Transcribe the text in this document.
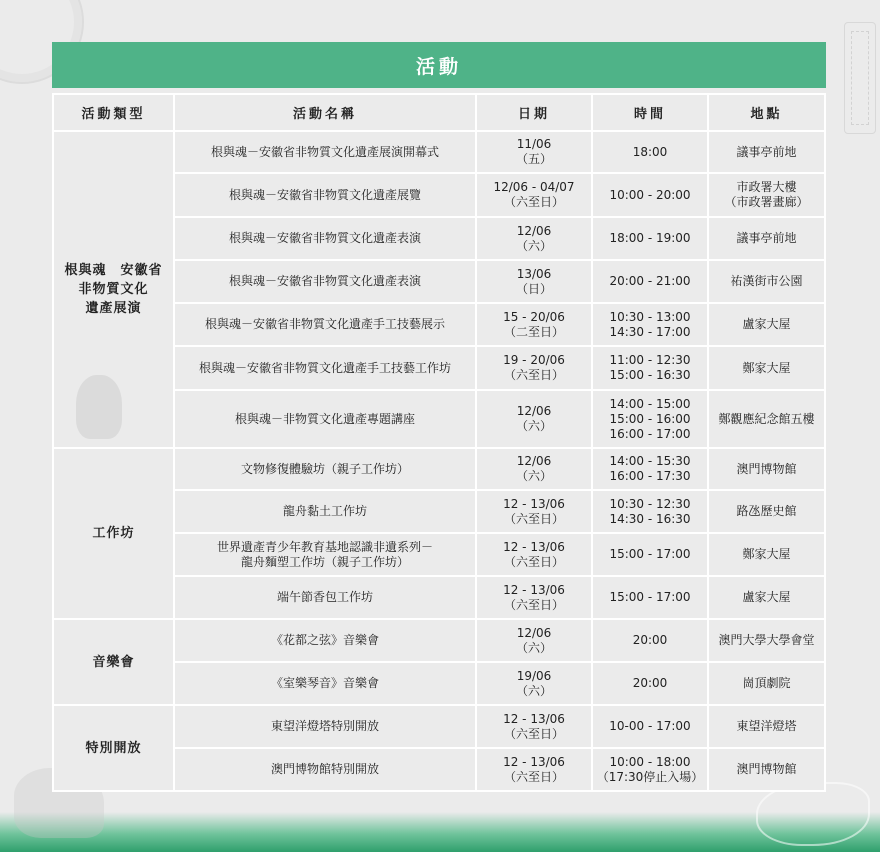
活動
活動類型	活動名稱	日期	時間	地點

根與魂　安徽省
非物質文化
遺產展演	根與魂－安徽省非物質文化遺產展演開幕式	11/06
（五）	18:00	議事亭前地

	根與魂－安徽省非物質文化遺產展覽	12/06 - 04/07
（六至日）	10:00 - 20:00	市政署大樓
（市政署畫廊）

	根與魂－安徽省非物質文化遺產表演	12/06
（六）	18:00 - 19:00	議事亭前地

	根與魂－安徽省非物質文化遺產表演	13/06
（日）	20:00 - 21:00	祐漢街市公園

	根與魂－安徽省非物質文化遺產手工技藝展示	15 - 20/06
（二至日）	10:30 - 13:00
14:30 - 17:00	盧家大屋

	根與魂－安徽省非物質文化遺產手工技藝工作坊	19 - 20/06
（六至日）	11:00 - 12:30
15:00 - 16:30	鄭家大屋

	根與魂－非物質文化遺產專題講座	12/06
（六）	14:00 - 15:00
15:00 - 16:00
16:00 - 17:00	鄭觀應紀念館五樓

工作坊	文物修復體驗坊（親子工作坊）	12/06
（六）	14:00 - 15:30
16:00 - 17:30	澳門博物館

	龍舟黏土工作坊	12 - 13/06
（六至日）	10:30 - 12:30
14:30 - 16:30	路氹歷史館

	世界遺產青少年教育基地認識非遺系列－
龍舟麵塑工作坊（親子工作坊）	12 - 13/06
（六至日）	15:00 - 17:00	鄭家大屋

	端午節香包工作坊	12 - 13/06
（六至日）	15:00 - 17:00	盧家大屋

音樂會	《花都之弦》音樂會	12/06
（六）	20:00	澳門大學大學會堂

	《室樂琴音》音樂會	19/06
（六）	20:00	崗頂劇院

特別開放	東望洋燈塔特別開放	12 - 13/06
（六至日）	10-00 - 17:00	東望洋燈塔

	澳門博物館特別開放	12 - 13/06
（六至日）	10:00 - 18:00
（17:30停止入場）	澳門博物館
